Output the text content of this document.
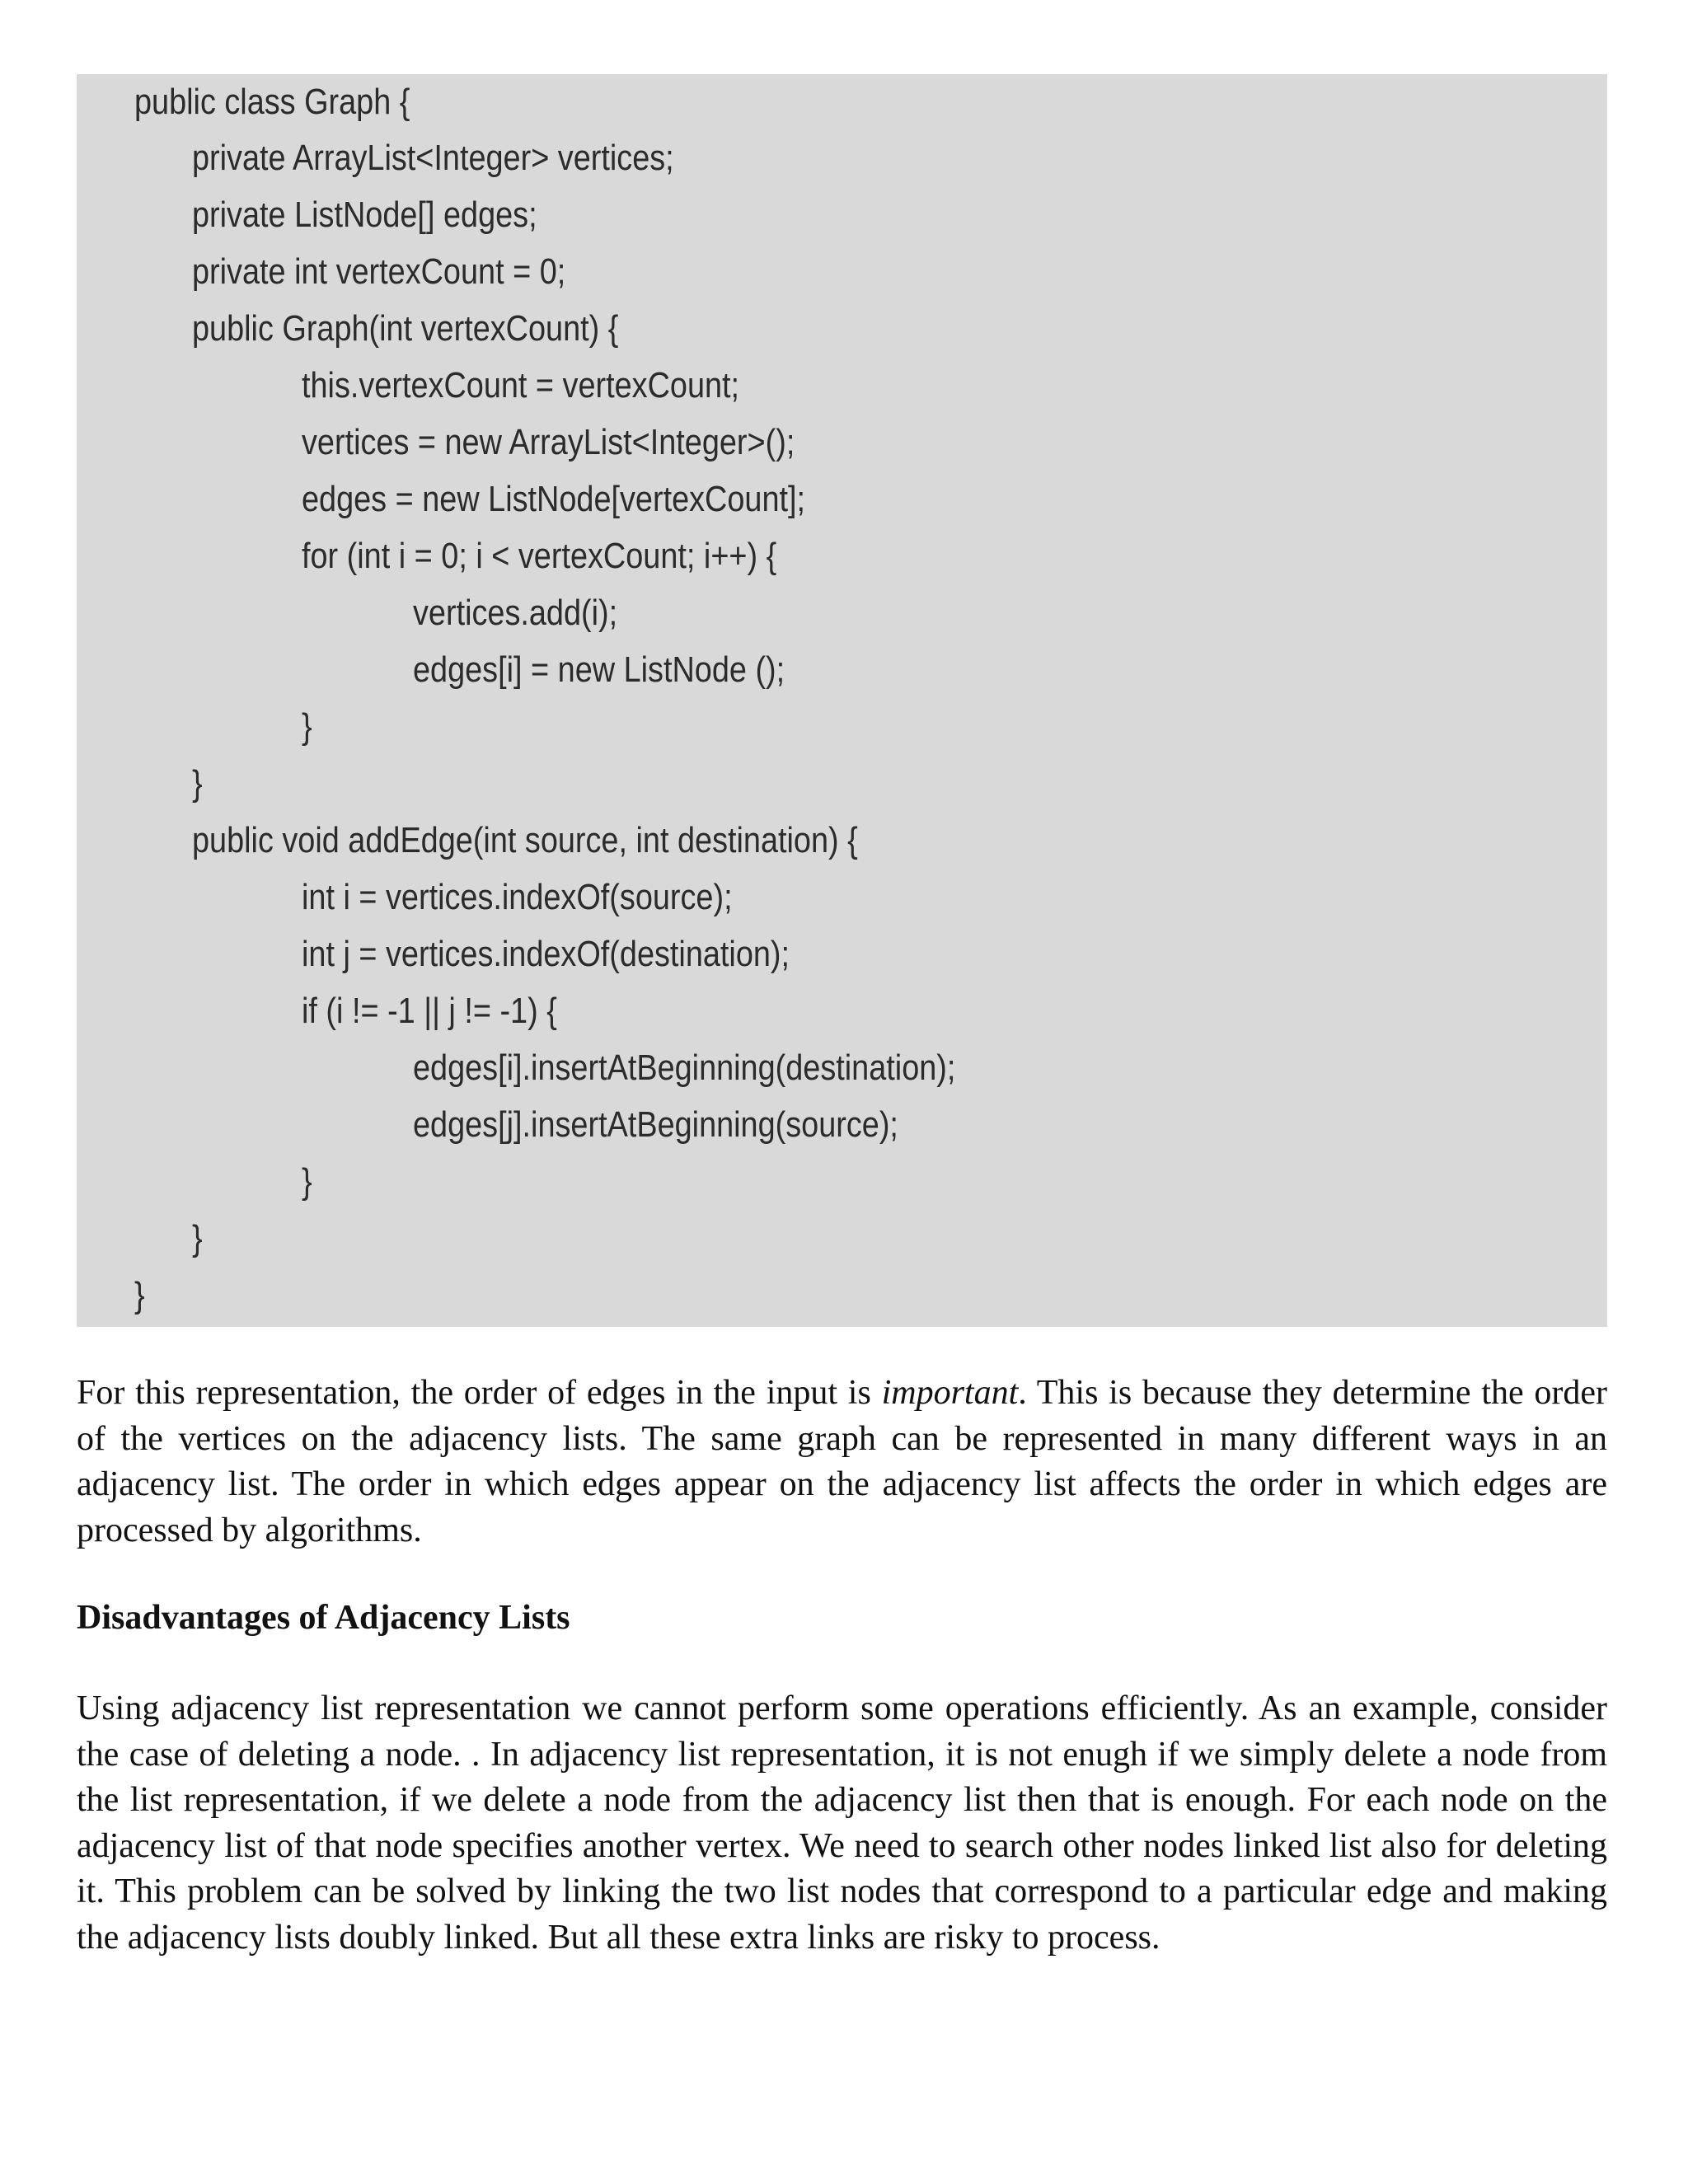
public class Graph {
private ArrayList<Integer> vertices;
private ListNode[] edges;
private int vertexCount = 0;
public Graph(int vertexCount) {
this.vertexCount = vertexCount;
vertices = new ArrayList<Integer>();
edges = new ListNode[vertexCount];
for (int i = 0; i < vertexCount; i++) {
vertices.add(i);
edges[i] = new ListNode ();
}
}
public void addEdge(int source, int destination) {
int i = vertices.indexOf(source);
int j = vertices.indexOf(destination);
if (i != -1 || j != -1) {
edges[i].insertAtBeginning(destination);
edges[j].insertAtBeginning(source);
}
}
}

For this representation, the order of edges in the input is important. This is because they determine the order of the vertices on the adjacency lists. The same graph can be represented in many different ways in an adjacency list. The order in which edges appear on the adjacency list affects the order in which edges are processed by algorithms.

Disadvantages of Adjacency Lists

Using adjacency list representation we cannot perform some operations efficiently. As an example, consider the case of deleting a node. . In adjacency list representation, it is not enugh if we simply delete a node from the list representation, if we delete a node from the adjacency list then that is enough. For each node on the adjacency list of that node specifies another vertex. We need to search other nodes linked list also for deleting it. This problem can be solved by linking the two list nodes that correspond to a particular edge and making the adjacency lists doubly linked. But all these extra links are risky to process.
